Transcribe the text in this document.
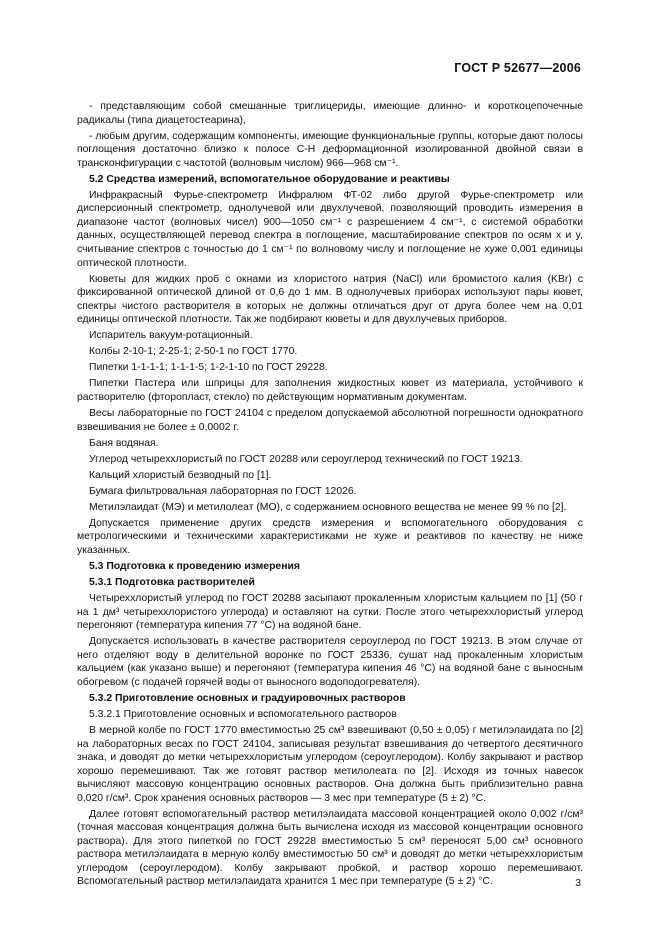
ГОСТ Р 52677—2006

- представляющим собой смешанные триглицериды, имеющие длинно- и короткоцепочечные радикалы (типа диацетостеарина),

- любым другим, содержащим компоненты, имеющие функциональные группы, которые дают полосы поглощения достаточно близко к полосе С-Н деформационной изолированной двойной связи в трансконфигурации с частотой (волновым числом) 966—968 см⁻¹.

5.2 Средства измерений, вспомогательное оборудование и реактивы

Инфракрасный Фурье-спектрометр Инфралюм ФТ-02 либо другой Фурье-спектрометр или дисперсионный спектрометр, однолучевой или двухлучевой, позволяющий проводить измерения в диапазоне частот (волновых чисел) 900—1050 см⁻¹ с разрешением 4 см⁻¹, с системой обработки данных, осуществляющей перевод спектра в поглощение, масштабирование спектров по осям x и y, считывание спектров с точностью до 1 см⁻¹ по волновому числу и поглощение не хуже 0,001 единицы оптической плотности.

Кюветы для жидких проб с окнами из хлористого натрия (NaCl) или бромистого калия (KBr) с фиксированной оптической длиной от 0,6 до 1 мм. В однолучевых приборах используют пары кювет, спектры чистого растворителя в которых не должны отличаться друг от друга более чем на 0,01 единицы оптической плотности. Так же подбирают кюветы и для двухлучевых приборов.

Испаритель вакуум-ротационный.

Колбы 2-10-1; 2-25-1; 2-50-1 по ГОСТ 1770.

Пипетки 1-1-1-1; 1-1-1-5; 1-2-1-10 по ГОСТ 29228.

Пипетки Пастера или шприцы для заполнения жидкостных кювет из материала, устойчивого к растворителю (фторопласт, стекло) по действующим нормативным документам.

Весы лабораторные по ГОСТ 24104 с пределом допускаемой абсолютной погрешности однократного взвешивания не более ± 0,0002 г.

Баня водяная.

Углерод четыреххлористый по ГОСТ 20288 или сероуглерод технический по ГОСТ 19213.

Кальций хлористый безводный по [1].

Бумага фильтровальная лабораторная по ГОСТ 12026.

Метилэлаидат (МЭ) и метилолеат (МО), с содержанием основного вещества не менее 99 % по [2].

Допускается применение других средств измерения и вспомогательного оборудования с метрологическими и техническими характеристиками не хуже и реактивов по качеству не ниже указанных.

5.3 Подготовка к проведению измерения
5.3.1 Подготовка растворителей

Четыреххлористый углерод по ГОСТ 20288 засыпают прокаленным хлористым кальцием по [1] (50 г на 1 дм³ четыреххлористого углерода) и оставляют на сутки. После этого четыреххлористый углерод перегоняют (температура кипения 77 °С) на водяной бане.

Допускается использовать в качестве растворителя сероуглерод по ГОСТ 19213. В этом случае от него отделяют воду в делительной воронке по ГОСТ 25336, сушат над прокаленным хлористым кальцием (как указано выше) и перегоняют (температура кипения 46 °С) на водяной бане с выносным обогревом (с подачей горячей воды от выносного водоподогревателя).

5.3.2 Приготовление основных и градуировочных растворов

5.3.2.1 Приготовление основных и вспомогательного растворов

В мерной колбе по ГОСТ 1770 вместимостью 25 см³ взвешивают (0,50 ± 0,05) г метилэлаидата по [2] на лабораторных весах по ГОСТ 24104, записывая результат взвешивания до четвертого десятичного знака, и доводят до метки четыреххлористым углеродом (сероуглеродом). Колбу закрывают и раствор хорошо перемешивают. Так же готовят раствор метилолеата по [2]. Исходя из точных навесок вычисляют массовую концентрацию основных растворов. Она должна быть приблизительно равна 0,020 г/см³. Срок хранения основных растворов — 3 мес при температуре (5 ± 2) °С.

Далее готовят вспомогательный раствор метилэлаидата массовой концентрацией около 0,002 г/см³ (точная массовая концентрация должна быть вычислена исходя из массовой концентрации основного раствора). Для этого пипеткой по ГОСТ 29228 вместимостью 5 см³ переносят 5,00 см³ основного раствора метилэлаидата в мерную колбу вместимостью 50 см³ и доводят до метки четыреххлористым углеродом (сероуглеродом). Колбу закрывают пробкой, и раствор хорошо перемешивают. Вспомогательный раствор метилэлаидата хранится 1 мес при температуре (5 ± 2) °С.	3
